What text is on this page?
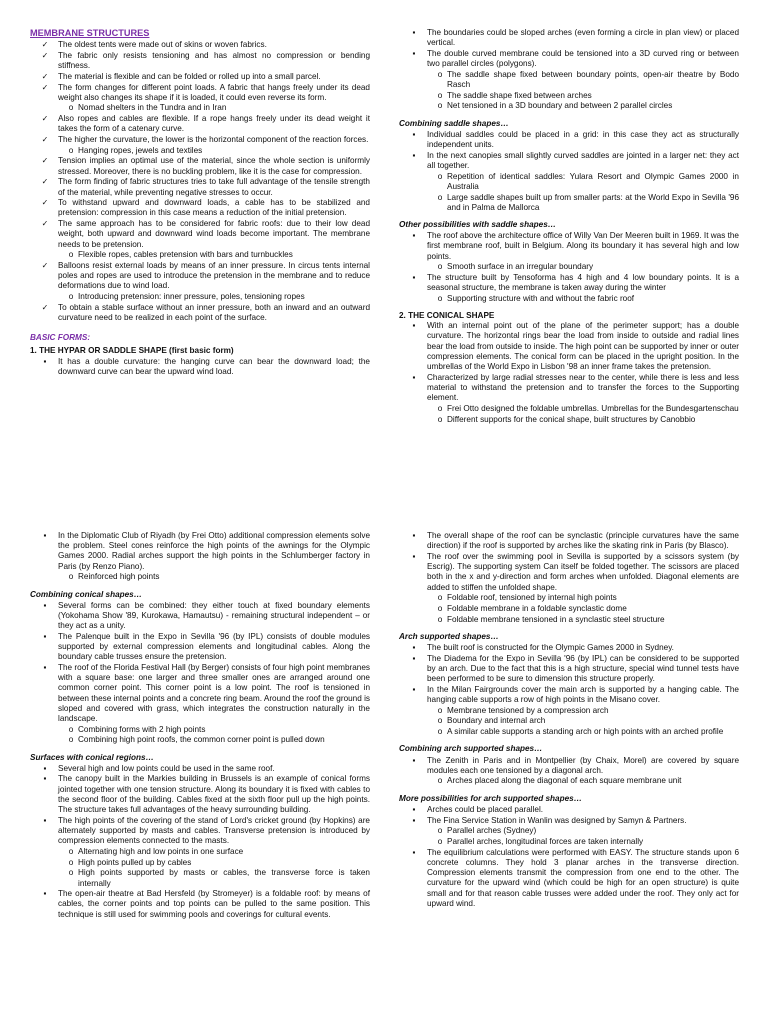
MEMBRANE STRUCTURES
✓	The oldest tents were made out of skins or woven fabrics.
✓	The fabric only resists tensioning and has almost no compression or bending stiffness.
✓	The material is flexible and can be folded or rolled up into a small parcel.
✓	The form changes for different point loads. A fabric that hangs freely under its dead weight also changes its shape if it is loaded, it could even reverse its form.
o Nomad shelters in the Tundra and in Iran
✓	Also ropes and cables are flexible. If a rope hangs freely under its dead weight it takes the form of a catenary curve.
✓	The higher the curvature, the lower is the horizontal component of the reaction forces.
o Hanging ropes, jewels and textiles
✓	Tension implies an optimal use of the material, since the whole section is uniformly stressed. Moreover, there is no buckling problem, like it is the case for compression.
✓	The form finding of fabric structures tries to take full advantage of the tensile strength of the material, while preventing negative stresses to occur.
✓	To withstand upward and downward loads, a cable has to be stabilized and pretension: compression in this case means a reduction of the initial pretension.
✓	The same approach has to be considered for fabric roofs: due to their low dead weight, both upward and downward wind loads become important. The membrane needs to be pretension.
o Flexible ropes, cables pretension with bars and turnbuckles
✓	Balloons resist external loads by means of an inner pressure. In circus tents internal poles and ropes are used to introduce the pretension in the membrane and to reduce deformations due to wind load.
o Introducing pretension: inner pressure, poles, tensioning ropes
✓	To obtain a stable surface without an inner pressure, both an inward and an outward curvature need to be realized in each point of the surface.
BASIC FORMS:
1. THE HYPAR OR SADDLE SHAPE (first basic form)
▪	It has a double curvature: the hanging curve can bear the downward load; the downward curve can bear the upward wind load.
▪	The boundaries could be sloped arches (even forming a circle in plan view) or placed vertical.
▪	The double curved membrane could be tensioned into a 3D curved ring or between two parallel circles (polygons).
o The saddle shape fixed between boundary points, open-air theatre by Bodo Rasch
o The saddle shape fixed between arches
o Net tensioned in a 3D boundary and between 2 parallel circles
Combining saddle shapes…
▪	Individual saddles could be placed in a grid: in this case they act as structurally independent units.
▪	In the next canopies small slightly curved saddles are jointed in a larger net: they act all together.
o Repetition of identical saddles: Yulara Resort and Olympic Games 2000 in Australia
o Large saddle shapes built up from smaller parts: at the World Expo in Sevilla '96 and in Palma de Mallorca
Other possibilities with saddle shapes…
▪	The roof above the architecture office of Willy Van Der Meeren built in 1969. It was the first membrane roof, built in Belgium. Along its boundary it has several high and low points.
o Smooth surface in an irregular boundary
▪	The structure built by Tensoforma has 4 high and 4 low boundary points. It is a seasonal structure, the membrane is taken away during the winter
o Supporting structure with and without the fabric roof
2. THE CONICAL SHAPE
▪	With an internal point out of the plane of the perimeter support; has a double curvature. The horizontal rings bear the load from inside to outside and radial lines bear the load from outside to inside. The high point can be supported by inner or outer compression elements. The conical form can be placed in the upright position. In the umbrellas of the World Expo in Lisbon '98 an inner frame takes the pretension.
▪	Characterized by large radial stresses near to the center, while there is less and less material to withstand the pretension and to transfer the forces to the Supporting element.
o Frei Otto designed the foldable umbrellas. Umbrellas for the Bundesgartenschau
o Different supports for the conical shape, built structures by Canobbio
▪	In the Diplomatic Club of Riyadh (by Frei Otto) additional compression elements solve the problem. Steel cones reinforce the high points of the awnings for the Olympic Games 2000. Radial arches support the high points in the Schlumberger factory in Paris (by Renzo Piano).
o Reinforced high points
Combining conical shapes…
▪	Several forms can be combined: they either touch at fixed boundary elements (Yokohama Show '89, Kurokawa, Hamautsu) - remaining structural independent – or they act as a unity.
▪	The Palenque built in the Expo in Sevilla '96 (by IPL) consists of double modules supported by external compression elements and longitudinal cables. Along the boundary cable trusses ensure the pretension.
▪	The roof of the Florida Festival Hall (by Berger) consists of four high point membranes with a square base: one larger and three smaller ones are arranged around one common corner point. This corner point is a low point. The roof is tensioned in between these internal points and a concrete ring beam. Around the roof the ground is sloped and covered with grass, which integrates the construction naturally in the landscape.
o Combining forms with 2 high points
o Combining high point roofs, the common corner point is pulled down
Surfaces with conical regions…
▪	Several high and low points could be used in the same roof.
▪	The canopy built in the Markies building in Brussels is an example of conical forms jointed together with one tension structure. Along its boundary it is fixed with cables to the second floor of the building. Cables fixed at the sixth floor pull up the high points. The structure takes full advantages of the heavy surrounding building.
▪	The high points of the covering of the stand of Lord's cricket ground (by Hopkins) are alternately supported by masts and cables. Transverse pretension is introduced by compression elements connected to the masts.
o Alternating high and low points in one surface
o High points pulled up by cables
o High points supported by masts or cables, the transverse force is taken internally
▪	The open-air theatre at Bad Hersfeld (by Stromeyer) is a foldable roof: by means of cables, the corner points and top points can be pulled to the same position. This technique is still used for swimming pools and coverings for cultural events.
▪	The overall shape of the roof can be synclastic (principle curvatures have the same direction) if the roof is supported by arches like the skating rink in Paris (by Blasco).
▪	The roof over the swimming pool in Sevilla is supported by a scissors system (by Escrig). The supporting system Can itself be folded together. The scissors are placed both in the x and y-direction and form arches when unfolded. Diagonal elements are added to stiffen the unfolded shape.
o Foldable roof, tensioned by internal high points
o Foldable membrane in a foldable synclastic dome
o Foldable membrane tensioned in a synclastic steel structure
Arch supported shapes…
▪	The built roof is constructed for the Olympic Games 2000 in Sydney.
▪	The Diadema for the Expo in Sevilla '96 (by IPL) can be considered to be supported by an arch. Due to the fact that this is a high structure, special wind tunnel tests have been performed to be sure to dimension this structure properly.
▪	In the Milan Fairgrounds cover the main arch is supported by a hanging cable. The hanging cable supports a row of high points in the Misano cover.
o Membrane tensioned by a compression arch
o Boundary and internal arch
o A similar cable supports a standing arch or high points with an arched profile
Combining arch supported shapes…
▪	The Zenith in Paris and in Montpellier (by Chaix, Morel) are covered by square modules each one tensioned by a diagonal arch.
o Arches placed along the diagonal of each square membrane unit
More possibilities for arch supported shapes…
▪	Arches could be placed parallel.
▪	The Fina Service Station in Wanlin was designed by Samyn & Partners.
o Parallel arches (Sydney)
o Parallel arches, longitudinal forces are taken internally
▪	The equilibrium calculations were performed with EASY. The structure stands upon 6 concrete columns. They hold 3 planar arches in the transverse direction. Compression elements transmit the compression from one end to the other. The curvature for the upward wind (which could be high for an open structure) is quite small and for that reason cable trusses were added under the roof. They only act for upward wind.
